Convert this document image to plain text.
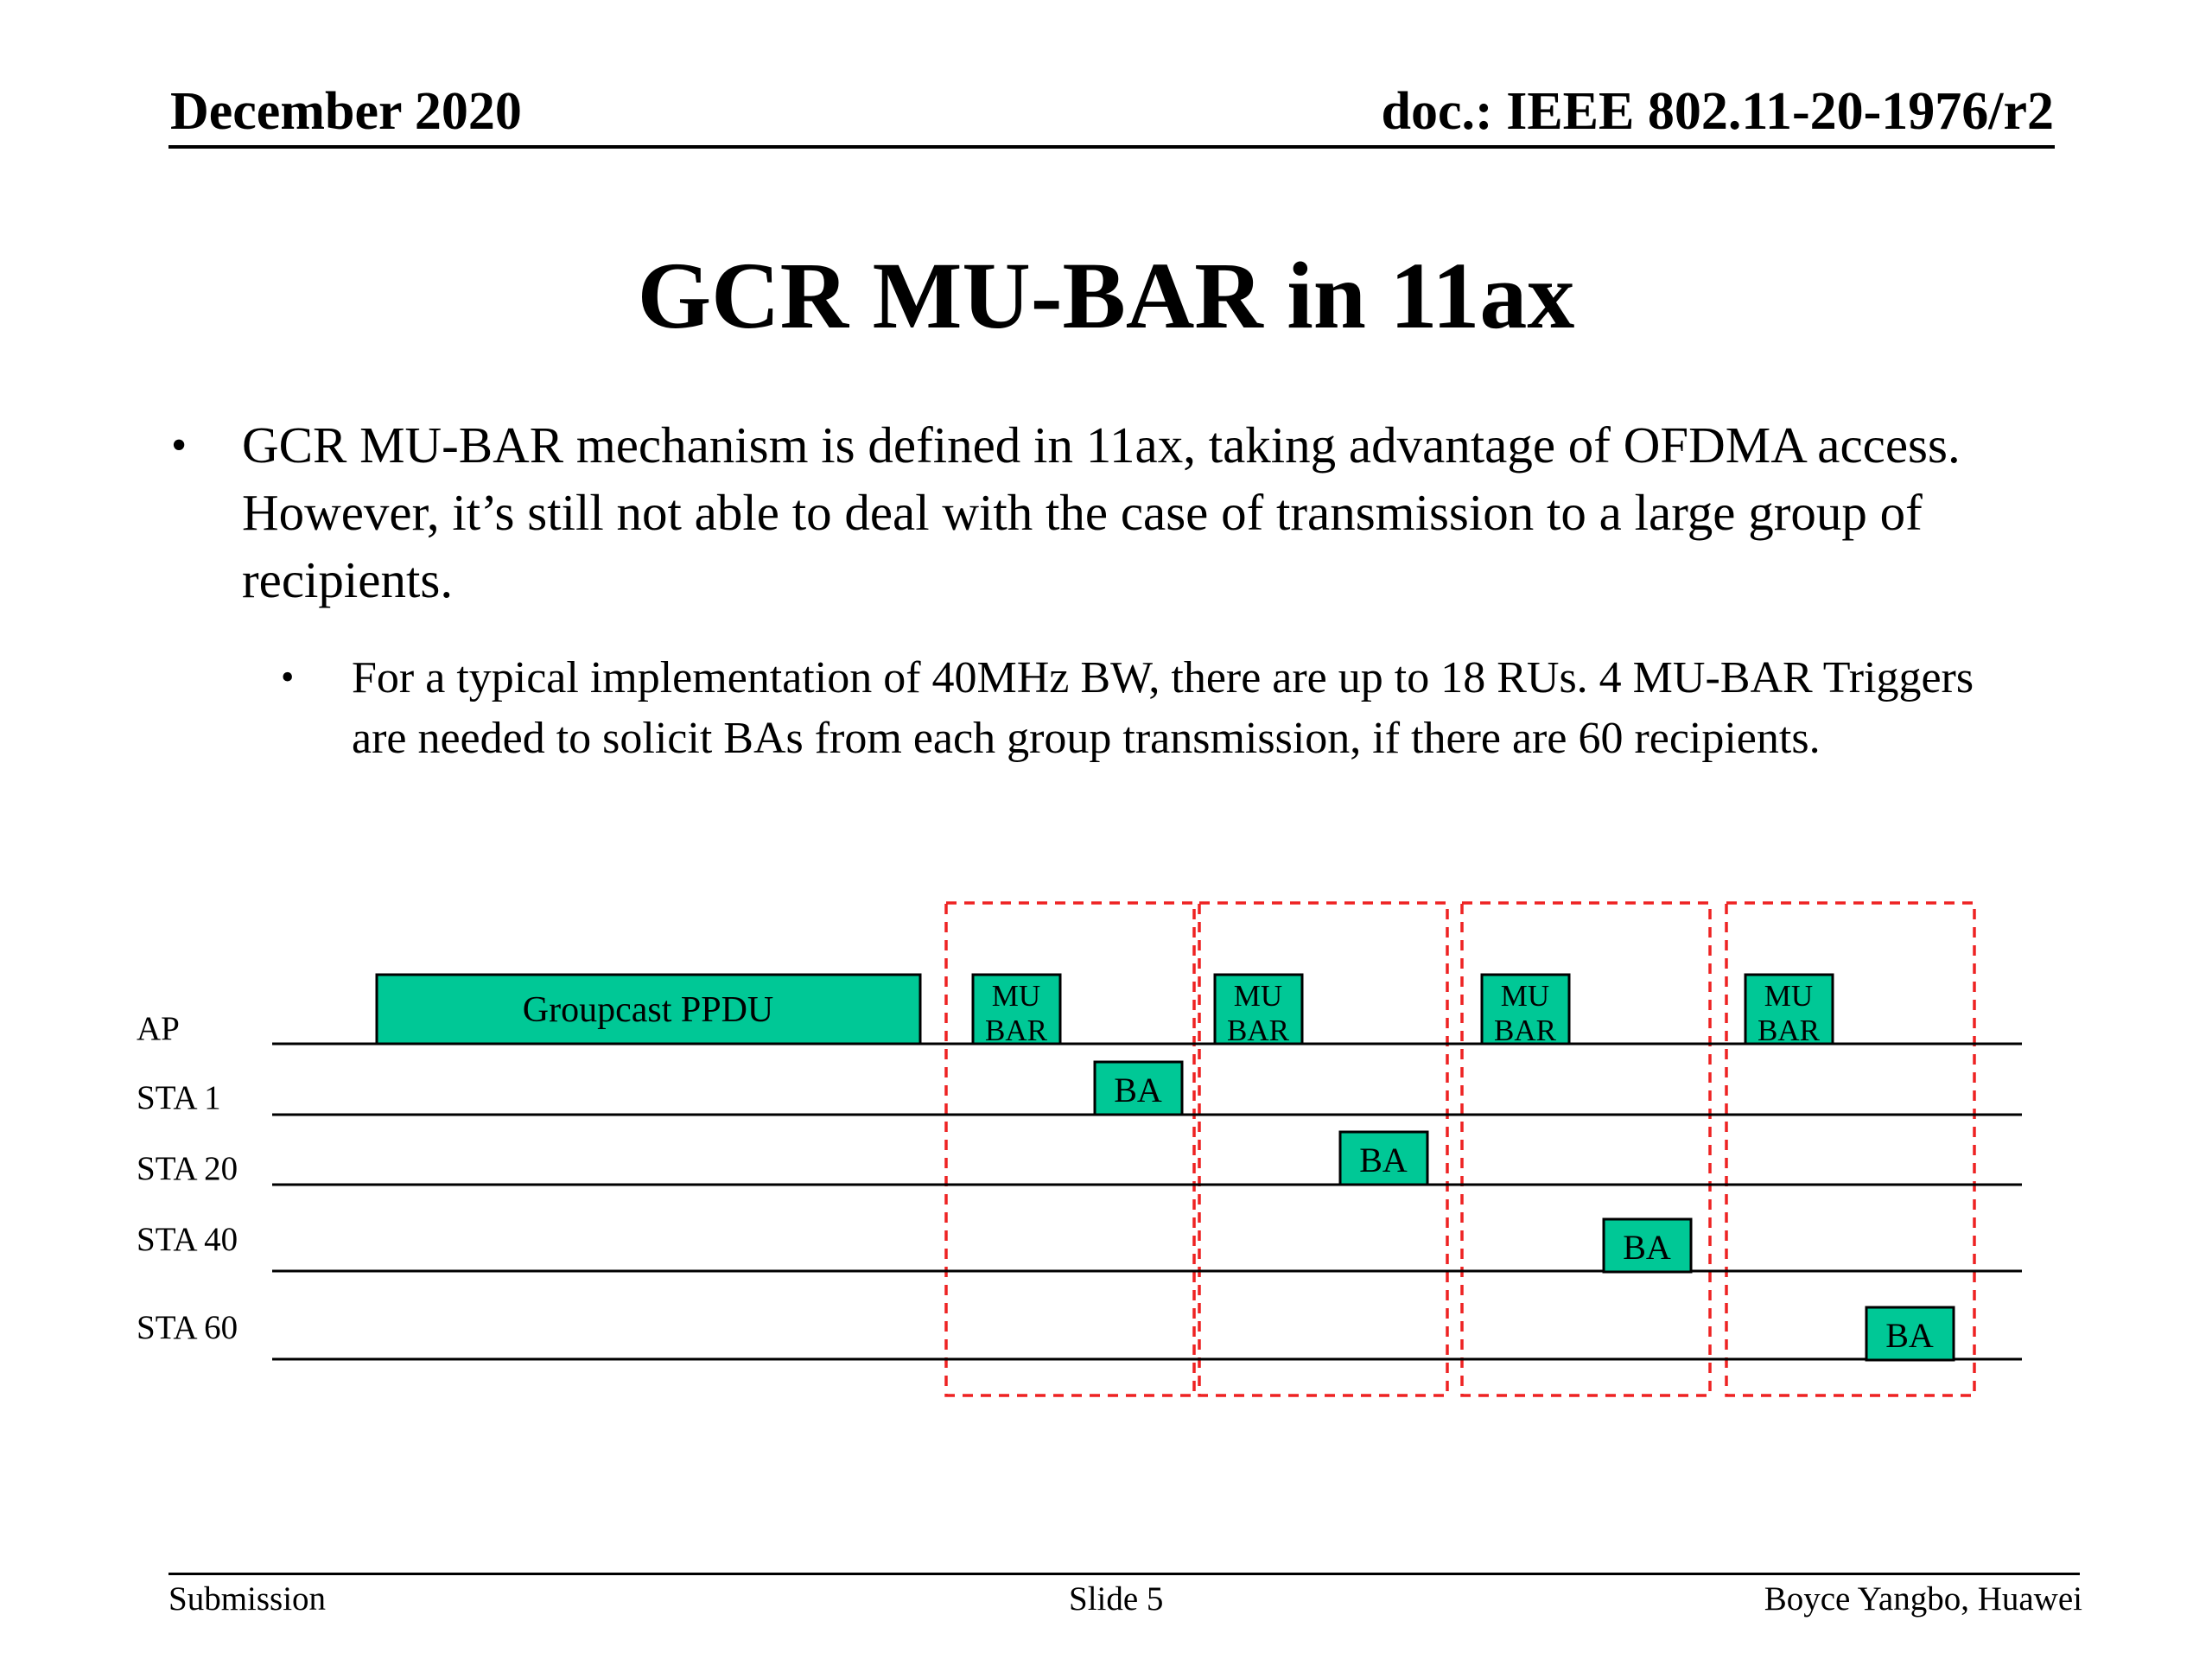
December 2020	doc.: IEEE 802.11-20-1976/r2
GCR MU-BAR in 11ax
• GCR MU-BAR mechanism is defined in 11ax, taking advantage of OFDMA access. However, it’s still not able to deal with the case of transmission to a large group of recipients.
• For a typical implementation of 40MHz BW, there are up to 18 RUs. 4 MU-BAR Triggers are needed to solicit BAs from each group transmission, if there are 60 recipients.
AP
STA 1
STA 20
STA 40
STA 60
Groupcast PPDU	MU
BAR
MU
BAR
MU
BAR
MU
BAR
BA
BA
BA
BA
Submission	Slide 5	Boyce Yangbo, Huawei
